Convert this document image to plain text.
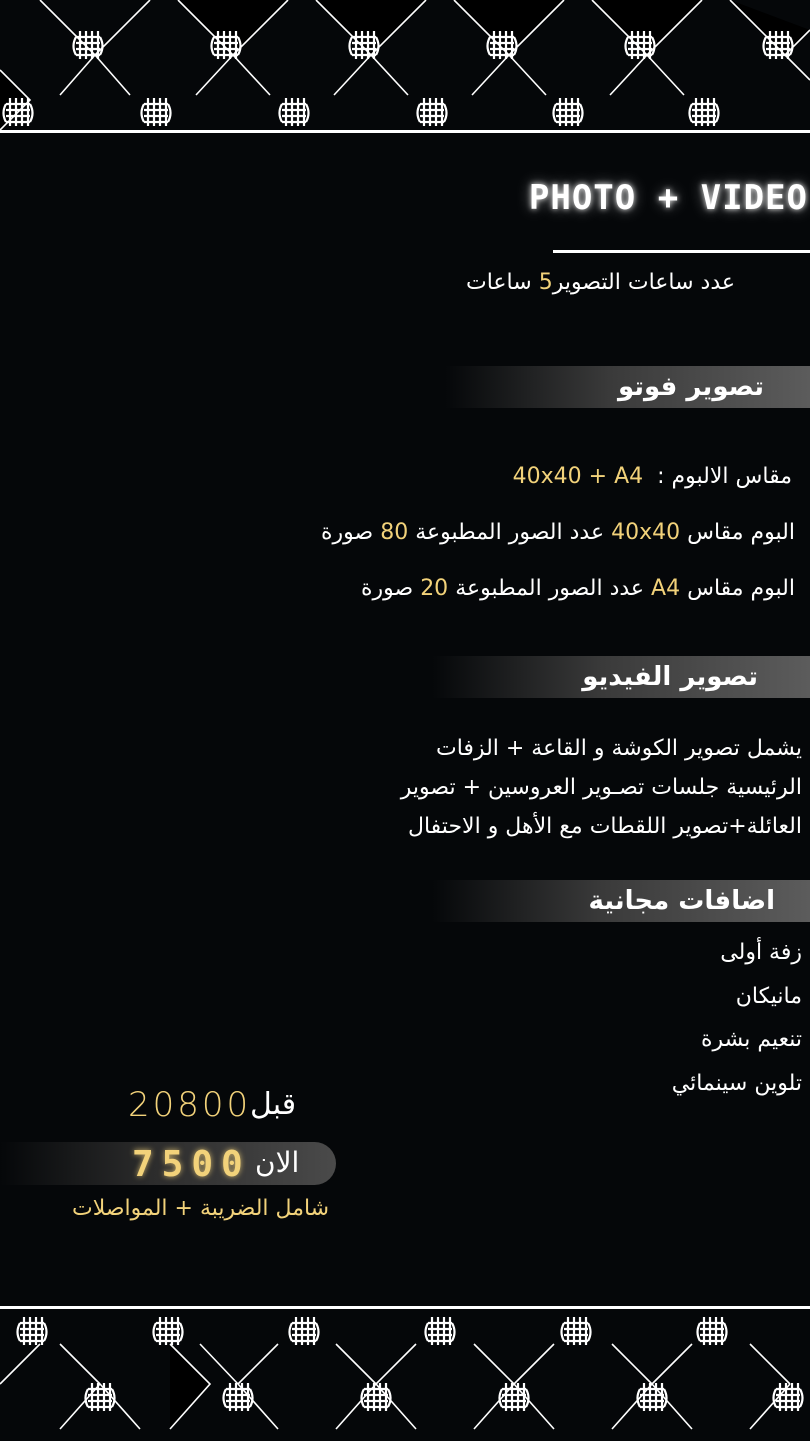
PHOTO + VIDEO
عدد ساعات التصوير5 ساعات
تصوير فوتو
مقاس الالبوم :  40x40 + A4
البوم مقاس 40x40 عدد الصور المطبوعة 80 صورة
البوم مقاس A4 عدد الصور المطبوعة 20 صورة
تصوير الفيديو
يشمل تصوير الكوشة و القاعة + الزفات
الرئيسية جلسات تصـوير العروسين + تصوير
العائلة+تصوير اللقطات مع الأهل و الاحتفال
اضافات مجانية
زفة أولى
مانيكان
تنعيم بشرة
تلوين سينمائي
20800
قبل
7500 الان
شامل الضريبة + المواصلات
